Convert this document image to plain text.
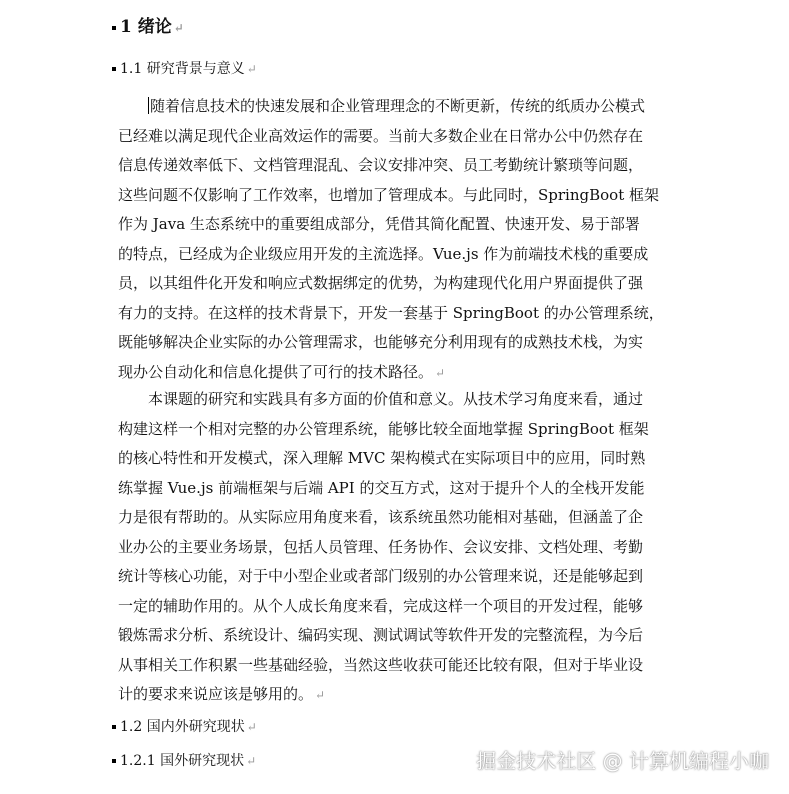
1 绪论 ↵
1.1 研究背景与意义 ↵
随着信息技术的快速发展和企业管理理念的不断更新，传统的纸质办公模式
已经难以满足现代企业高效运作的需要。当前大多数企业在日常办公中仍然存在
信息传递效率低下、文档管理混乱、会议安排冲突、员工考勤统计繁琐等问题，
这些问题不仅影响了工作效率，也增加了管理成本。与此同时，SpringBoot 框架
作为 Java 生态系统中的重要组成部分，凭借其简化配置、快速开发、易于部署
的特点，已经成为企业级应用开发的主流选择。Vue.js 作为前端技术栈的重要成
员，以其组件化开发和响应式数据绑定的优势，为构建现代化用户界面提供了强
有力的支持。在这样的技术背景下，开发一套基于 SpringBoot 的办公管理系统，
既能够解决企业实际的办公管理需求，也能够充分利用现有的成熟技术栈，为实
现办公自动化和信息化提供了可行的技术路径。 ↵
本课题的研究和实践具有多方面的价值和意义。从技术学习角度来看，通过
构建这样一个相对完整的办公管理系统，能够比较全面地掌握 SpringBoot 框架
的核心特性和开发模式，深入理解 MVC 架构模式在实际项目中的应用，同时熟
练掌握 Vue.js 前端框架与后端 API 的交互方式，这对于提升个人的全栈开发能
力是很有帮助的。从实际应用角度来看，该系统虽然功能相对基础，但涵盖了企
业办公的主要业务场景，包括人员管理、任务协作、会议安排、文档处理、考勤
统计等核心功能，对于中小型企业或者部门级别的办公管理来说，还是能够起到
一定的辅助作用的。从个人成长角度来看，完成这样一个项目的开发过程，能够
锻炼需求分析、系统设计、编码实现、测试调试等软件开发的完整流程，为今后
从事相关工作积累一些基础经验，当然这些收获可能还比较有限，但对于毕业设
计的要求来说应该是够用的。 ↵
1.2 国内外研究现状 ↵
1.2.1 国外研究现状 ↵	掘金技术社区 @ 计算机编程小咖
